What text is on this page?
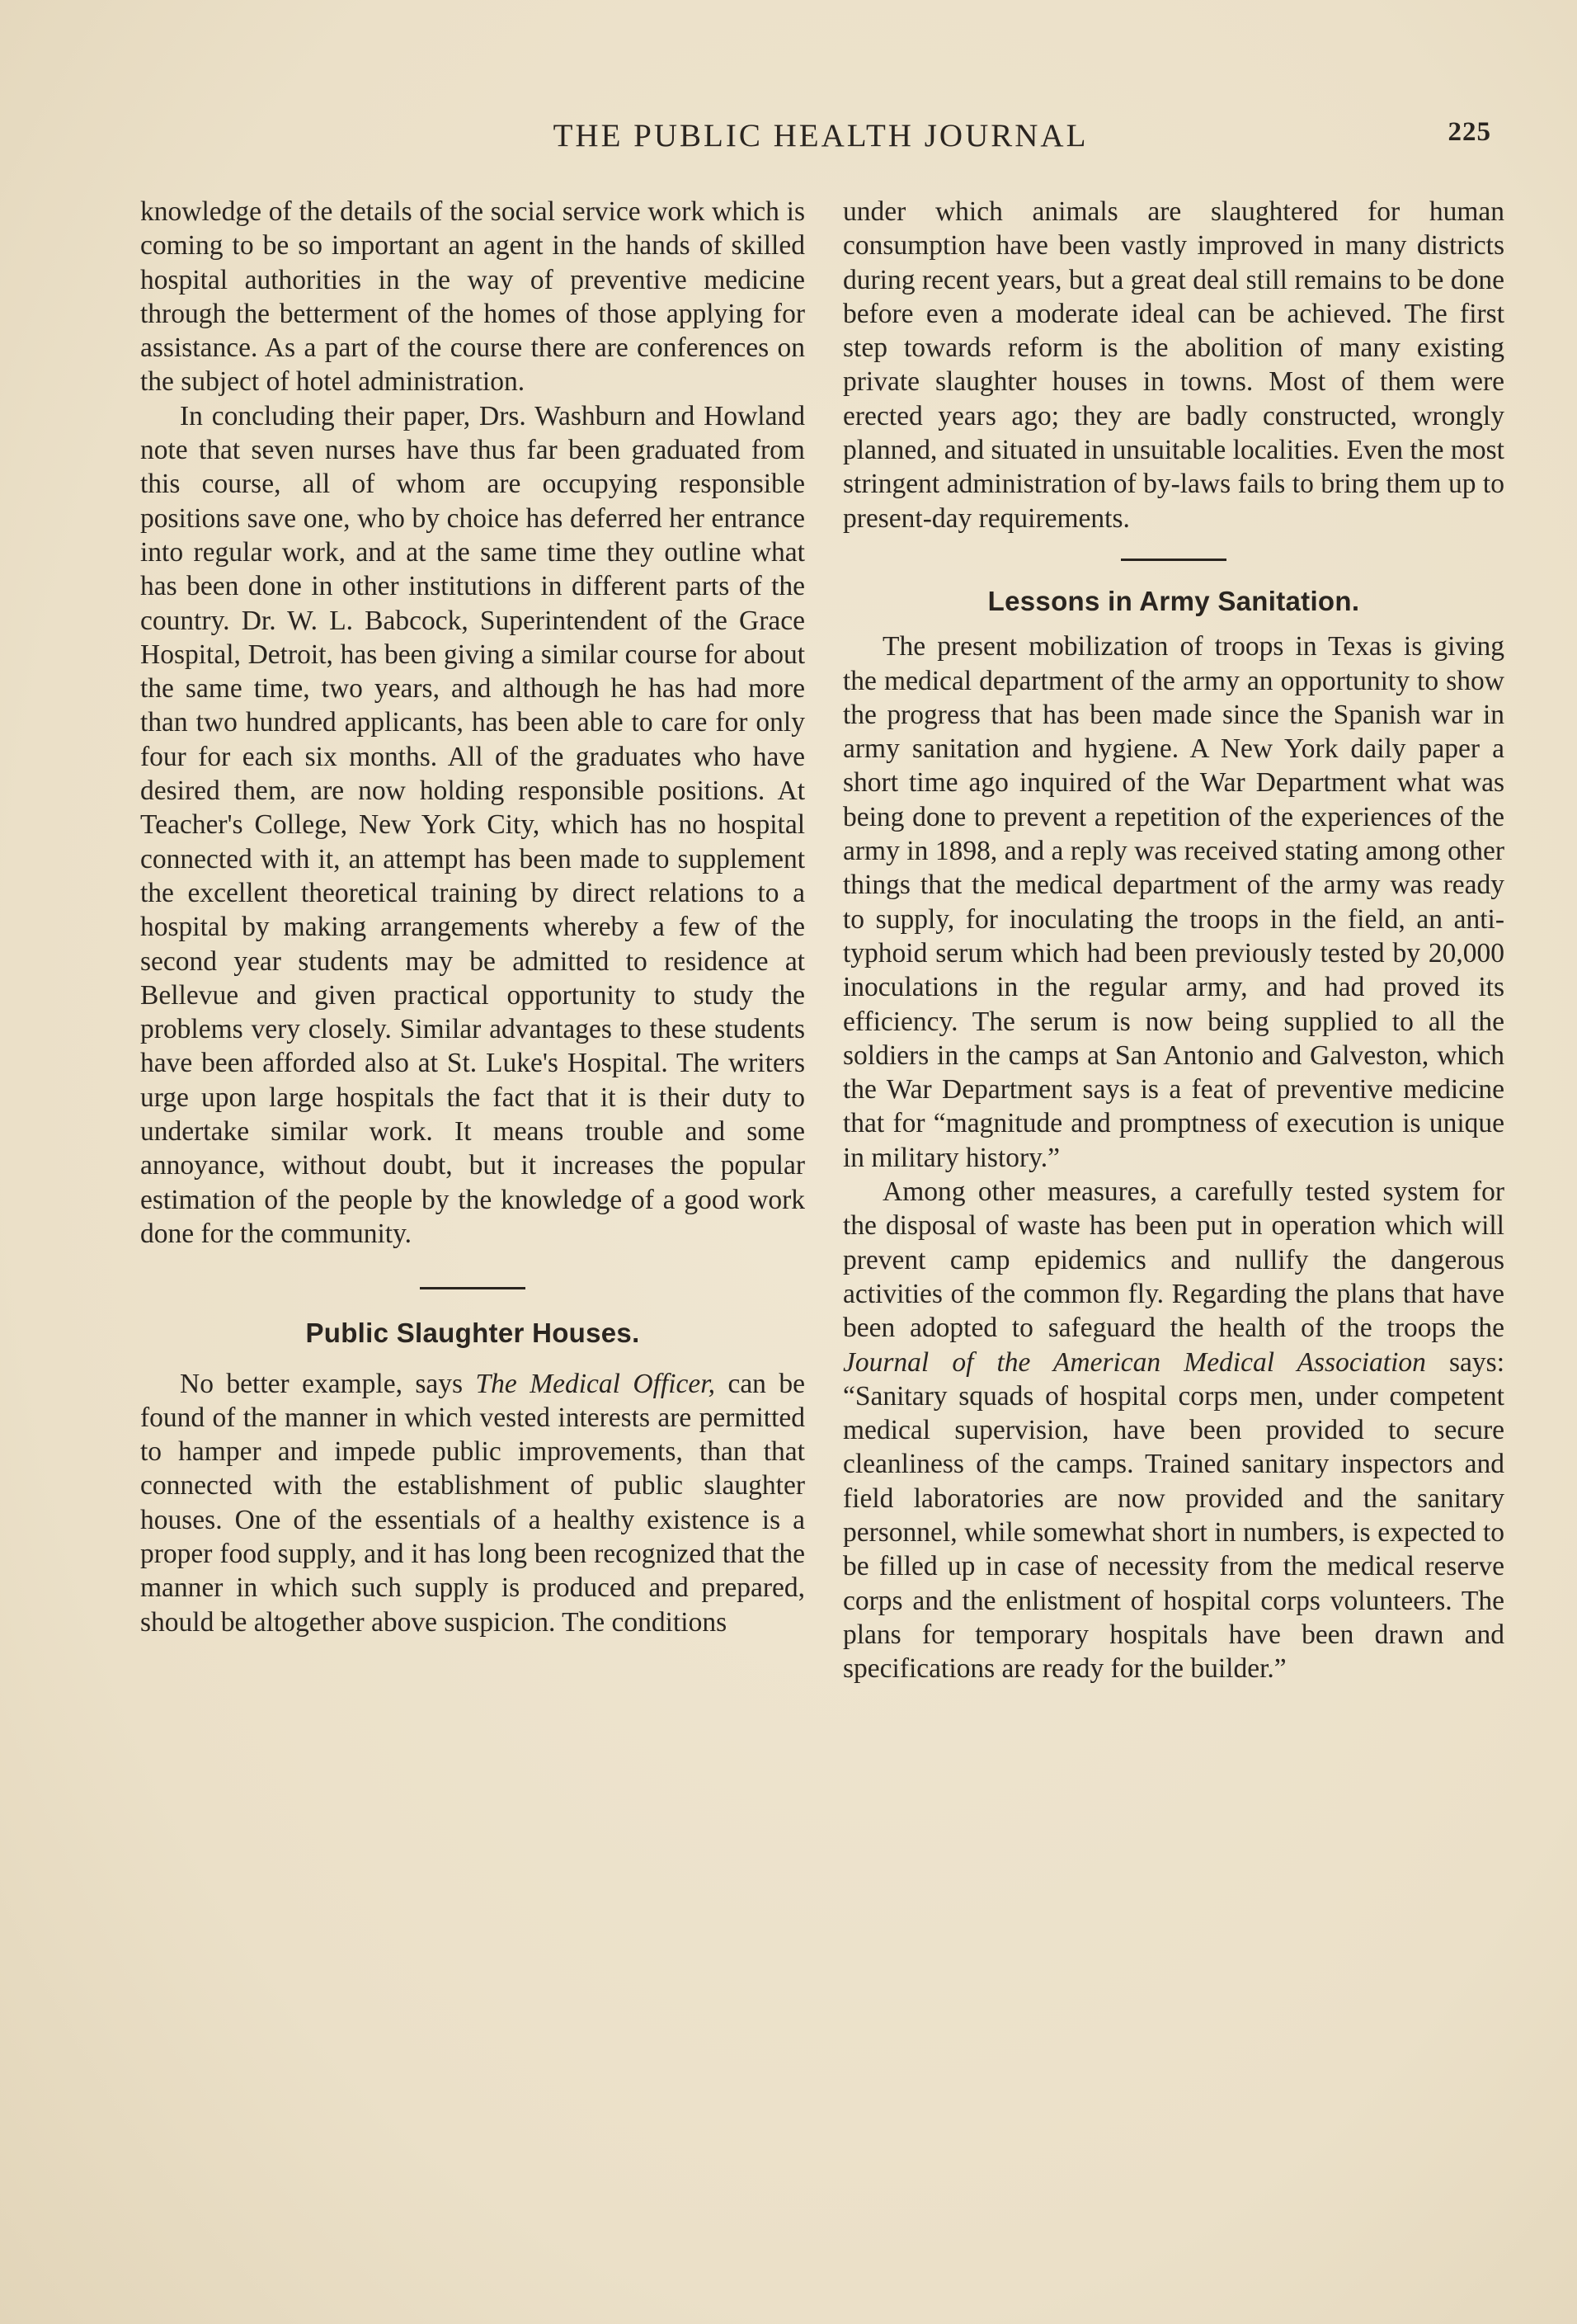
THE PUBLIC HEALTH JOURNAL	225

knowledge of the details of the social service work which is coming to be so important an agent in the hands of skilled hospital authorities in the way of preventive medicine through the betterment of the homes of those applying for assistance. As a part of the course there are conferences on the subject of hotel administration.

In concluding their paper, Drs. Washburn and Howland note that seven nurses have thus far been graduated from this course, all of whom are occupying responsible positions save one, who by choice has deferred her entrance into regular work, and at the same time they outline what has been done in other institutions in different parts of the country. Dr. W. L. Babcock, Superintendent of the Grace Hospital, Detroit, has been giving a similar course for about the same time, two years, and although he has had more than two hundred applicants, has been able to care for only four for each six months. All of the graduates who have desired them, are now holding responsible positions. At Teacher's College, New York City, which has no hospital connected with it, an attempt has been made to supplement the excellent theoretical training by direct relations to a hospital by making arrangements whereby a few of the second year students may be admitted to residence at Bellevue and given practical opportunity to study the problems very closely. Similar advantages to these students have been afforded also at St. Luke's Hospital. The writers urge upon large hospitals the fact that it is their duty to undertake similar work. It means trouble and some annoyance, without doubt, but it increases the popular estimation of the people by the knowledge of a good work done for the community.

Public Slaughter Houses.

No better example, says The Medical Officer, can be found of the manner in which vested interests are permitted to hamper and impede public improvements, than that connected with the establishment of public slaughter houses. One of the essentials of a healthy existence is a proper food supply, and it has long been recognized that the manner in which such supply is produced and prepared, should be altogether above suspicion. The conditions

under which animals are slaughtered for human consumption have been vastly improved in many districts during recent years, but a great deal still remains to be done before even a moderate ideal can be achieved. The first step towards reform is the abolition of many existing private slaughter houses in towns. Most of them were erected years ago; they are badly constructed, wrongly planned, and situated in unsuitable localities. Even the most stringent administration of by-laws fails to bring them up to present-day requirements.

Lessons in Army Sanitation.

The present mobilization of troops in Texas is giving the medical department of the army an opportunity to show the progress that has been made since the Spanish war in army sanitation and hygiene. A New York daily paper a short time ago inquired of the War Department what was being done to prevent a repetition of the experiences of the army in 1898, and a reply was received stating among other things that the medical department of the army was ready to supply, for inoculating the troops in the field, an anti-typhoid serum which had been previously tested by 20,000 inoculations in the regular army, and had proved its efficiency. The serum is now being supplied to all the soldiers in the camps at San Antonio and Galveston, which the War Department says is a feat of preventive medicine that for “magnitude and promptness of execution is unique in military history.”

Among other measures, a carefully tested system for the disposal of waste has been put in operation which will prevent camp epidemics and nullify the dangerous activities of the common fly. Regarding the plans that have been adopted to safeguard the health of the troops the Journal of the American Medical Association says: “Sanitary squads of hospital corps men, under competent medical supervision, have been provided to secure cleanliness of the camps. Trained sanitary inspectors and field laboratories are now provided and the sanitary personnel, while somewhat short in numbers, is expected to be filled up in case of necessity from the medical reserve corps and the enlistment of hospital corps volunteers. The plans for temporary hospitals have been drawn and specifications are ready for the builder.”
